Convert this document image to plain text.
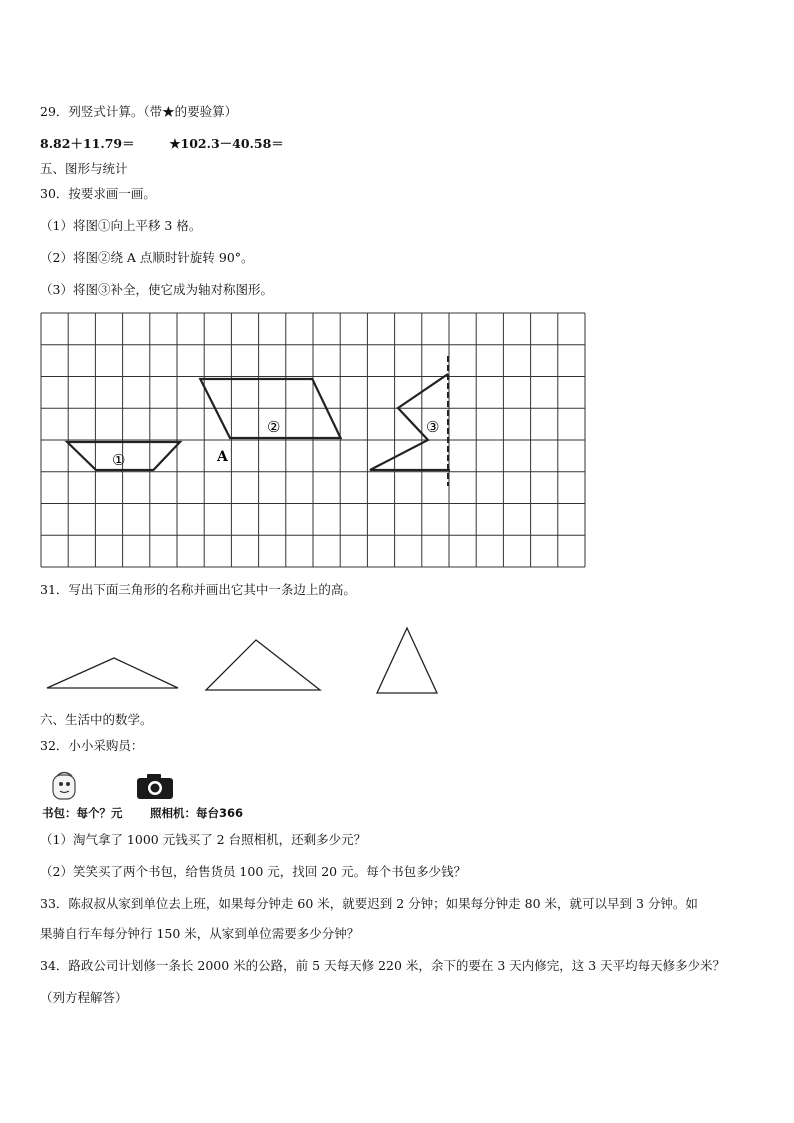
29．列竖式计算。（带★的要验算）
8.82＋11.79＝	★102.3－40.58＝
五、图形与统计
30．按要求画一画。
（1）将图①向上平移 3 格。
（2）将图②绕 A 点顺时针旋转 90°。
（3）将图③补全，使它成为轴对称图形。
①
②	③
A
31．写出下面三角形的名称并画出它其中一条边上的高。
六、生活中的数学。
32．小小采购员：
书包：每个？元 照相机：每台366
（1）淘气拿了 1000 元钱买了 2 台照相机，还剩多少元？
（2）笑笑买了两个书包，给售货员 100 元，找回 20 元。每个书包多少钱？
33．陈叔叔从家到单位去上班，如果每分钟走 60 米，就要迟到 2 分钟；如果每分钟走 80 米，就可以早到 3 分钟。如
果骑自行车每分钟行 150 米，从家到单位需要多少分钟？
34．路政公司计划修一条长 2000 米的公路，前 5 天每天修 220 米，余下的要在 3 天内修完，这 3 天平均每天修多少米？
（列方程解答）
